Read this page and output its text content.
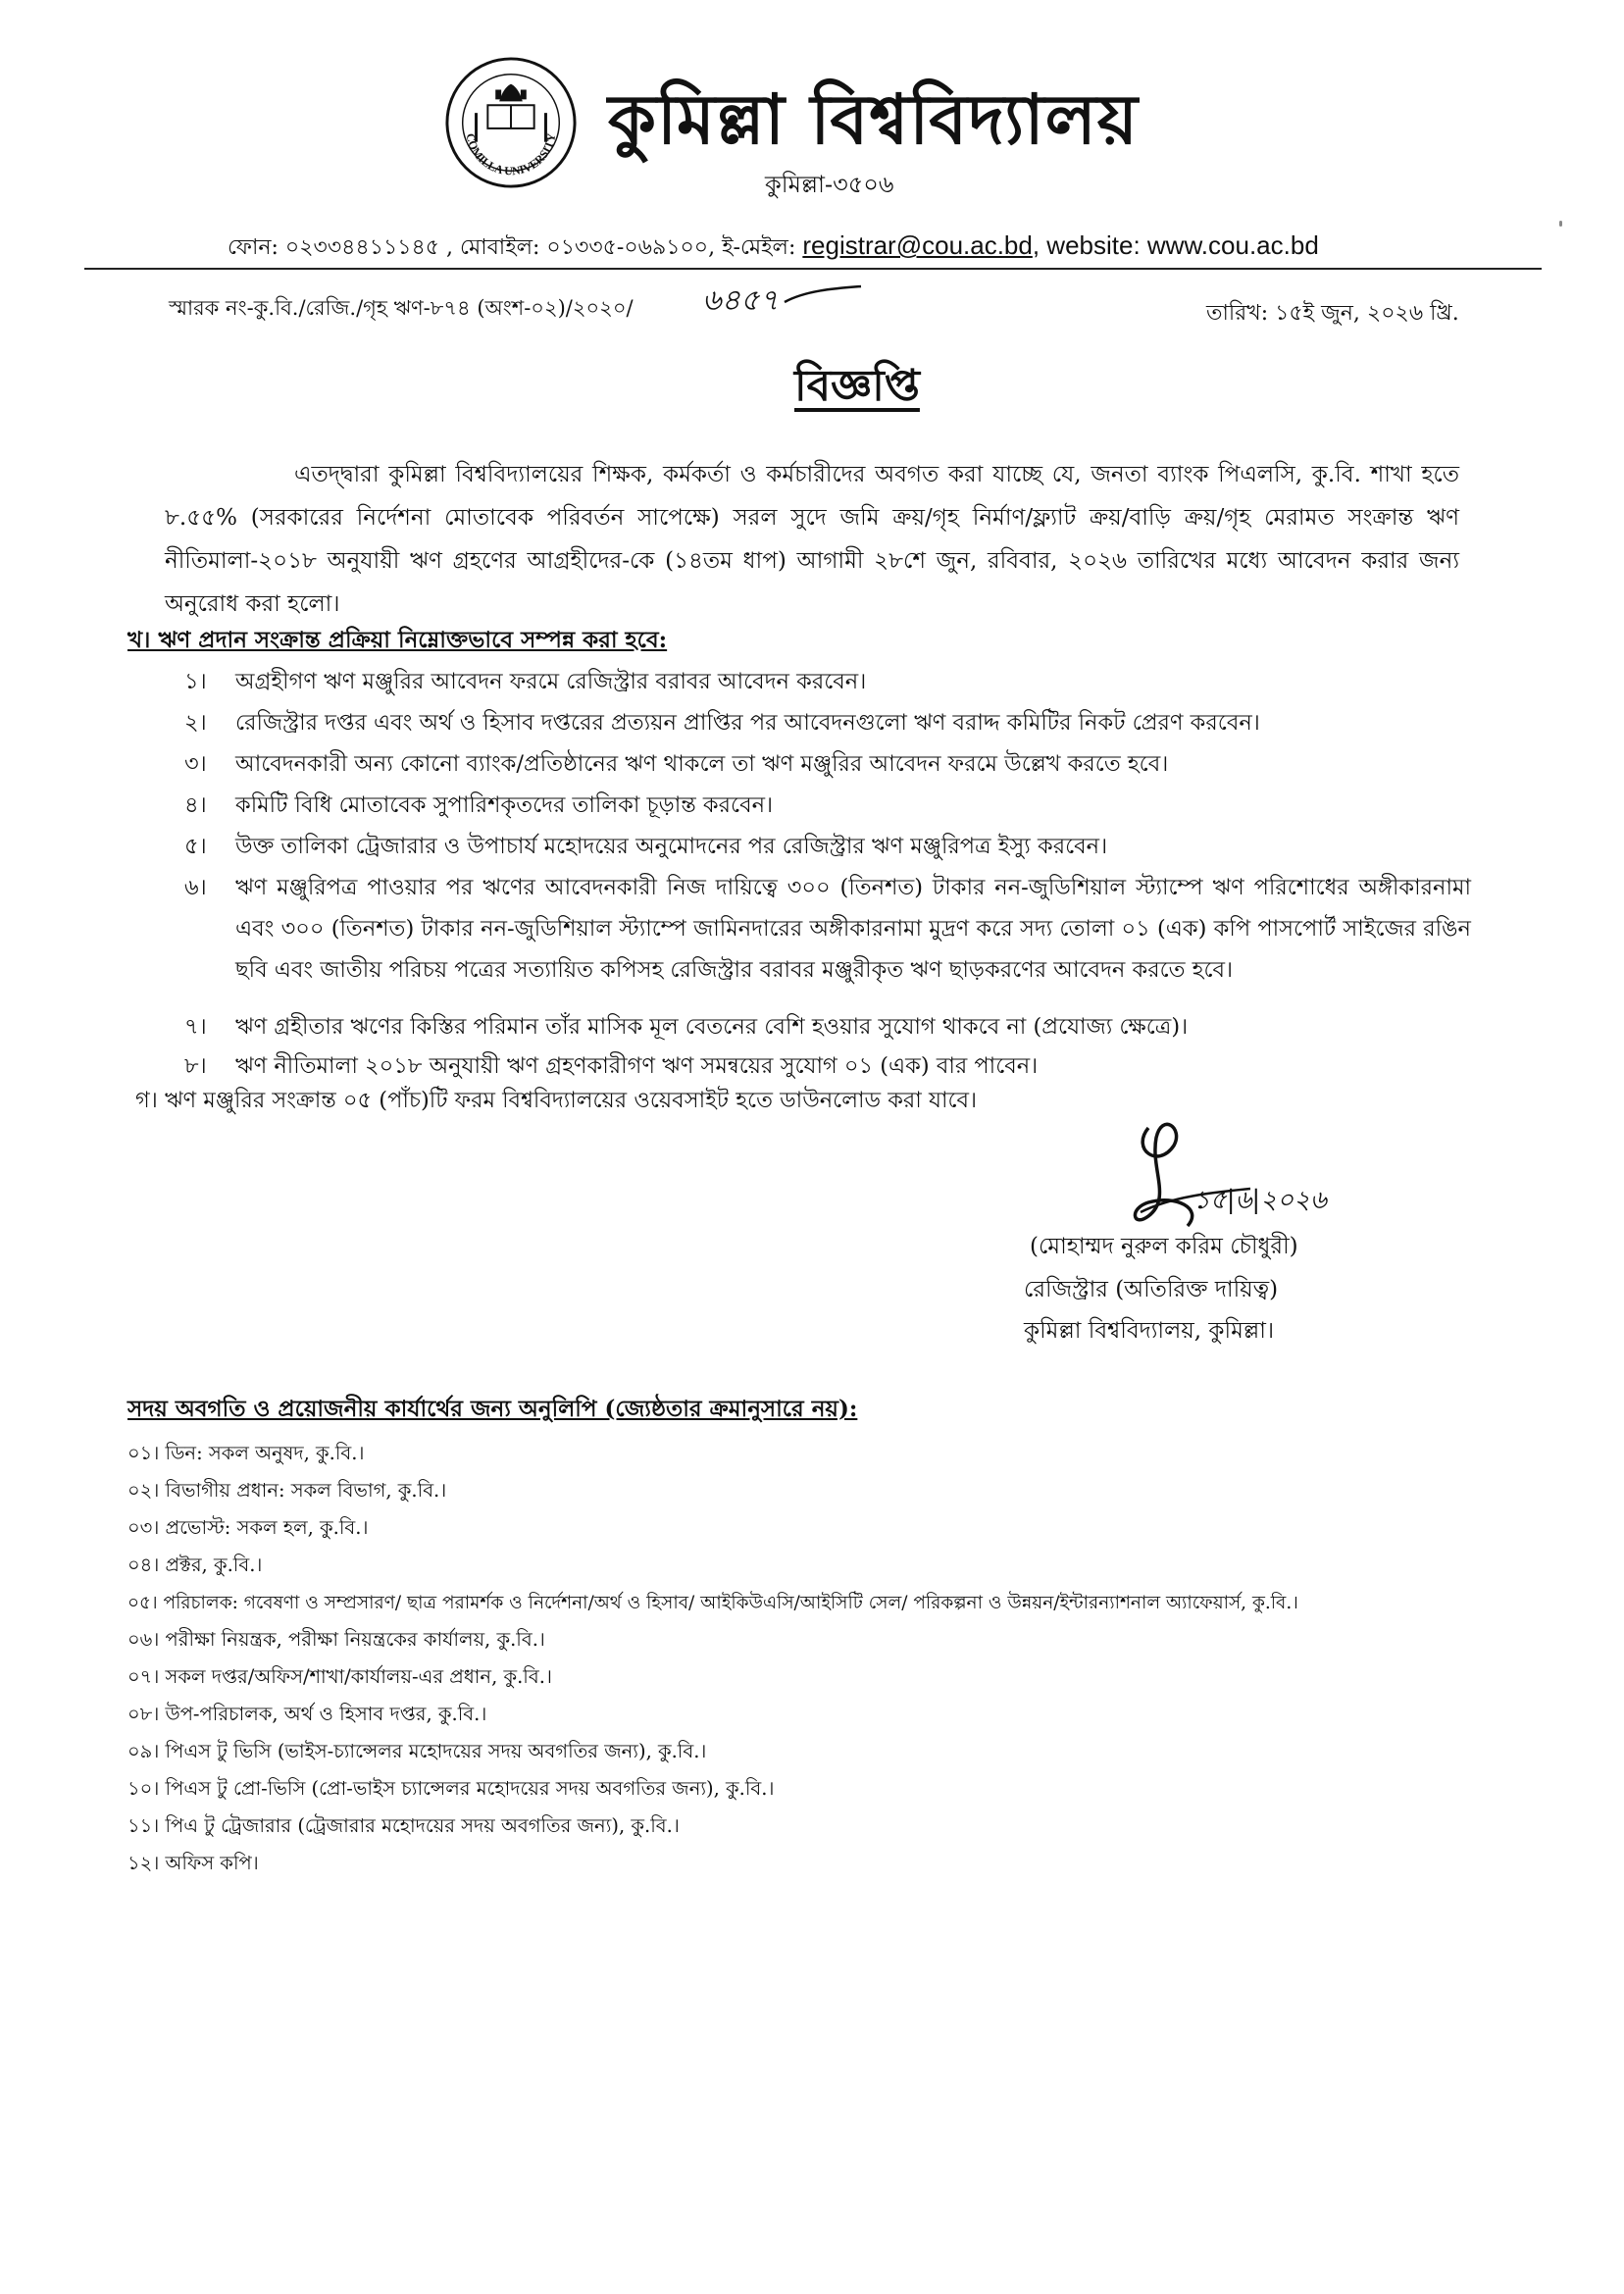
COMILLA UNIVERSITY কুমিল্লা বিশ্ববিদ্যালয়
কুমিল্লা-৩৫০৬
ফোন: ০২৩৩৪৪১১১৪৫ , মোবাইল: ০১৩৩৫-০৬৯১০০, ই-মেইল: registrar@cou.ac.bd, website: www.cou.ac.bd
স্মারক নং-কু.বি./রেজি./গৃহ ঋণ-৮৭৪ (অংশ-০২)/২০২০/ ৬৪৫৭	তারিখ: ১৫ই জুন, ২০২৬ খ্রি.
বিজ্ঞপ্তি

এতদ্দ্বারা কুমিল্লা বিশ্ববিদ্যালয়ের শিক্ষক, কর্মকর্তা ও কর্মচারীদের অবগত করা যাচ্ছে যে, জনতা ব্যাংক পিএলসি, কু.বি. শাখা হতে ৮.৫৫% (সরকারের নির্দেশনা মোতাবেক পরিবর্তন সাপেক্ষে) সরল সুদে জমি ক্রয়/গৃহ নির্মাণ/ফ্ল্যাট ক্রয়/বাড়ি ক্রয়/গৃহ মেরামত সংক্রান্ত ঋণ নীতিমালা-২০১৮ অনুযায়ী ঋণ গ্রহণের আগ্রহীদের-কে (১৪তম ধাপ) আগামী ২৮শে জুন, রবিবার, ২০২৬ তারিখের মধ্যে আবেদন করার জন্য অনুরোধ করা হলো।

খ। ঋণ প্রদান সংক্রান্ত প্রক্রিয়া নিম্নোক্তভাবে সম্পন্ন করা হবে:

১। অগ্রহীগণ ঋণ মঞ্জুরির আবেদন ফরমে রেজিস্ট্রার বরাবর আবেদন করবেন।

২। রেজিস্ট্রার দপ্তর এবং অর্থ ও হিসাব দপ্তরের প্রত্যয়ন প্রাপ্তির পর আবেদনগুলো ঋণ বরাদ্দ কমিটির নিকট প্রেরণ করবেন।

৩। আবেদনকারী অন্য কোনো ব্যাংক/প্রতিষ্ঠানের ঋণ থাকলে তা ঋণ মঞ্জুরির আবেদন ফরমে উল্লেখ করতে হবে।

৪। কমিটি বিধি মোতাবেক সুপারিশকৃতদের তালিকা চূড়ান্ত করবেন।

৫। উক্ত তালিকা ট্রেজারার ও উপাচার্য মহোদয়ের অনুমোদনের পর রেজিস্ট্রার ঋণ মঞ্জুরিপত্র ইস্যু করবেন।

৬। ঋণ মঞ্জুরিপত্র পাওয়ার পর ঋণের আবেদনকারী নিজ দায়িত্বে ৩০০ (তিনশত) টাকার নন-জুডিশিয়াল স্ট্যাম্পে ঋণ পরিশোধের অঙ্গীকারনামা এবং ৩০০ (তিনশত) টাকার নন-জুডিশিয়াল স্ট্যাম্পে জামিনদারের অঙ্গীকারনামা মুদ্রণ করে সদ্য তোলা ০১ (এক) কপি পাসপোর্ট সাইজের রঙিন ছবি এবং জাতীয় পরিচয় পত্রের সত্যায়িত কপিসহ রেজিস্ট্রার বরাবর মঞ্জুরীকৃত ঋণ ছাড়করণের আবেদন করতে হবে।

৭। ঋণ গ্রহীতার ঋণের কিস্তির পরিমান তাঁর মাসিক মূল বেতনের বেশি হওয়ার সুযোগ থাকবে না (প্রযোজ্য ক্ষেত্রে)।

৮। ঋণ নীতিমালা ২০১৮ অনুযায়ী ঋণ গ্রহণকারীগণ ঋণ সমন্বয়ের সুযোগ ০১ (এক) বার পাবেন।

গ। ঋণ মঞ্জুরির সংক্রান্ত ০৫ (পাঁচ)টি ফরম বিশ্ববিদ্যালয়ের ওয়েবসাইট হতে ডাউনলোড করা যাবে।
১৫|৬|২০২৬
(মোহাম্মদ নুরুল করিম চৌধুরী)
রেজিস্ট্রার (অতিরিক্ত দায়িত্ব)
কুমিল্লা বিশ্ববিদ্যালয়, কুমিল্লা।
সদয় অবগতি ও প্রয়োজনীয় কার্যার্থের জন্য অনুলিপি (জ্যেষ্ঠতার ক্রমানুসারে নয়):
০১। ডিন: সকল অনুষদ, কু.বি.।
০২। বিভাগীয় প্রধান: সকল বিভাগ, কু.বি.।
০৩। প্রভোস্ট: সকল হল, কু.বি.।
০৪। প্রক্টর, কু.বি.।
০৫। পরিচালক: গবেষণা ও সম্প্রসারণ/ ছাত্র পরামর্শক ও নির্দেশনা/অর্থ ও হিসাব/ আইকিউএসি/আইসিটি সেল/ পরিকল্পনা ও উন্নয়ন/ইন্টারন্যাশনাল অ্যাফেয়ার্স, কু.বি.।
০৬। পরীক্ষা নিয়ন্ত্রক, পরীক্ষা নিয়ন্ত্রকের কার্যালয়, কু.বি.।
০৭। সকল দপ্তর/অফিস/শাখা/কার্যালয়-এর প্রধান, কু.বি.।
০৮। উপ-পরিচালক, অর্থ ও হিসাব দপ্তর, কু.বি.।
০৯। পিএস টু ভিসি (ভাইস-চ্যান্সেলর মহোদয়ের সদয় অবগতির জন্য), কু.বি.।
১০। পিএস টু প্রো-ভিসি (প্রো-ভাইস চ্যান্সেলর মহোদয়ের সদয় অবগতির জন্য), কু.বি.।
১১। পিএ টু ট্রেজারার (ট্রেজারার মহোদয়ের সদয় অবগতির জন্য), কু.বি.।
১২। অফিস কপি।
